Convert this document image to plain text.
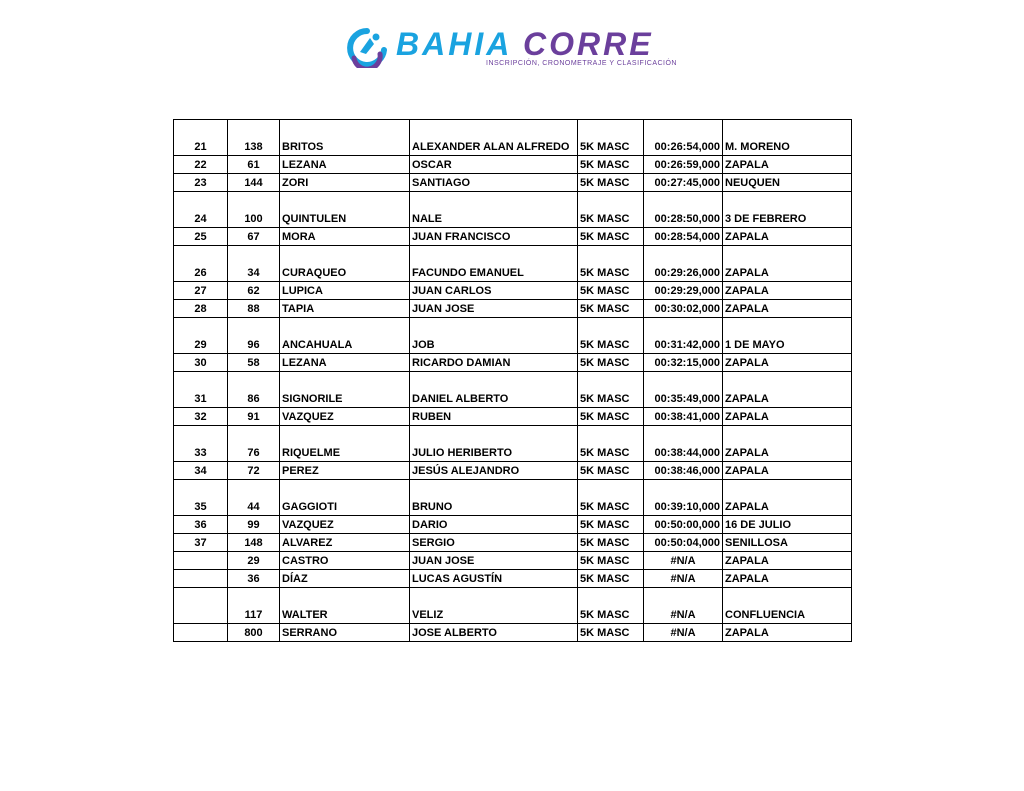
BAHIA CORRE
INSCRIPCIÓN, CRONOMETRAJE Y CLASIFICACIÓN
21	138	BRITOS	ALEXANDER ALAN ALFREDO	5K MASC	00:26:54,000	M. MORENO
22	61	LEZANA	OSCAR	5K MASC	00:26:59,000	ZAPALA
23	144	ZORI	SANTIAGO	5K MASC	00:27:45,000	NEUQUEN
24	100	QUINTULEN	NALE	5K MASC	00:28:50,000	3 DE FEBRERO
25	67	MORA	JUAN FRANCISCO	5K MASC	00:28:54,000	ZAPALA
26	34	CURAQUEO	FACUNDO EMANUEL	5K MASC	00:29:26,000	ZAPALA
27	62	LUPICA	JUAN CARLOS	5K MASC	00:29:29,000	ZAPALA
28	88	TAPIA	JUAN JOSE	5K MASC	00:30:02,000	ZAPALA
29	96	ANCAHUALA	JOB	5K MASC	00:31:42,000	1 DE MAYO
30	58	LEZANA	RICARDO DAMIAN	5K MASC	00:32:15,000	ZAPALA
31	86	SIGNORILE	DANIEL ALBERTO	5K MASC	00:35:49,000	ZAPALA
32	91	VAZQUEZ	RUBEN	5K MASC	00:38:41,000	ZAPALA
33	76	RIQUELME	JULIO HERIBERTO	5K MASC	00:38:44,000	ZAPALA
34	72	PEREZ	JESÚS ALEJANDRO	5K MASC	00:38:46,000	ZAPALA
35	44	GAGGIOTI	BRUNO	5K MASC	00:39:10,000	ZAPALA
36	99	VAZQUEZ	DARIO	5K MASC	00:50:00,000	16 DE JULIO
37	148	ALVAREZ	SERGIO	5K MASC	00:50:04,000	SENILLOSA
	29	CASTRO	JUAN JOSE	5K MASC	#N/A	ZAPALA
	36	DÍAZ	LUCAS AGUSTÍN	5K MASC	#N/A	ZAPALA
	117	WALTER	VELIZ	5K MASC	#N/A	CONFLUENCIA
	800	SERRANO	JOSE ALBERTO	5K MASC	#N/A	ZAPALA
